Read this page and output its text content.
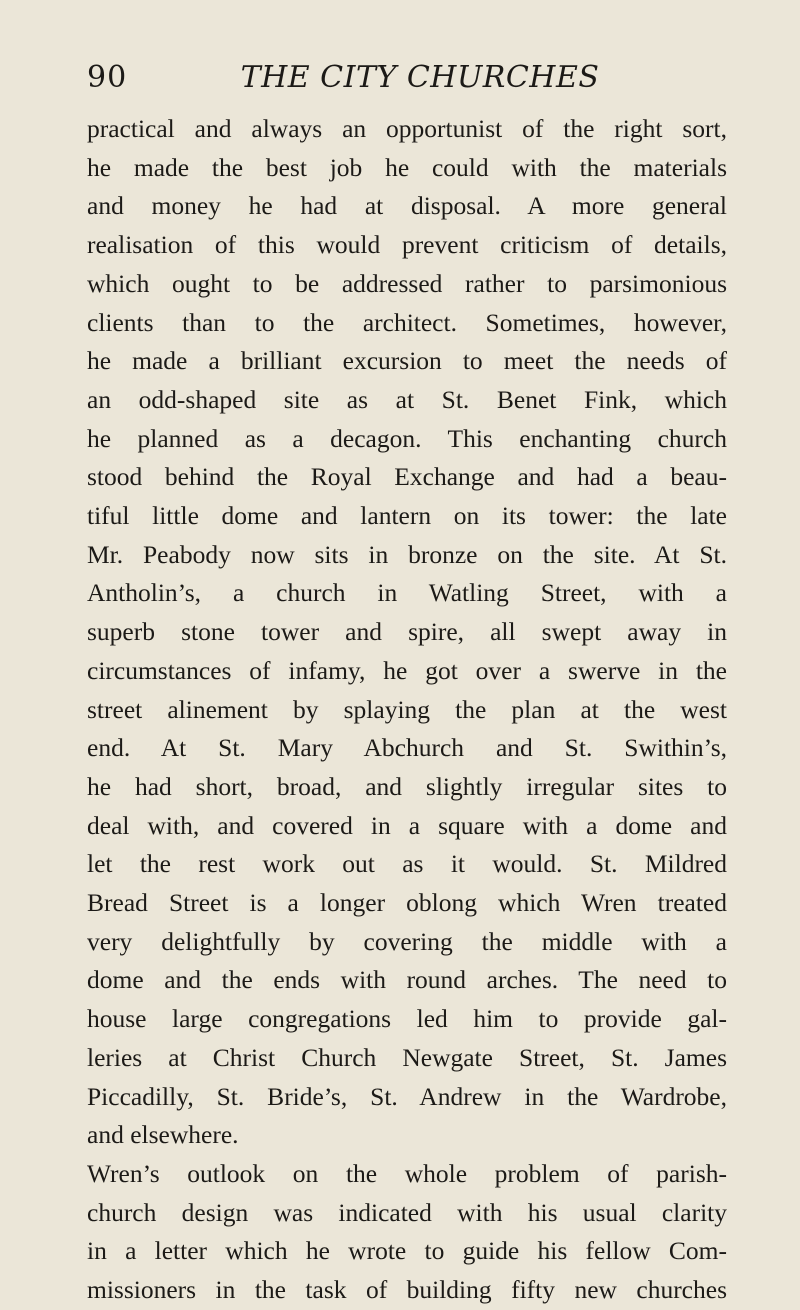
90	THE CITY CHURCHES
practical and always an opportunist of the right sort,
he made the best job he could with the materials
and money he had at disposal. A more general
realisation of this would prevent criticism of details,
which ought to be addressed rather to parsimonious
clients than to the architect. Sometimes, however,
he made a brilliant excursion to meet the needs of
an odd-shaped site as at St. Benet Fink, which
he planned as a decagon. This enchanting church
stood behind the Royal Exchange and had a beau-
tiful little dome and lantern on its tower: the late
Mr. Peabody now sits in bronze on the site. At St.
Antholin’s, a church in Watling Street, with a
superb stone tower and spire, all swept away in
circumstances of infamy, he got over a swerve in the
street alinement by splaying the plan at the west
end. At St. Mary Abchurch and St. Swithin’s,
he had short, broad, and slightly irregular sites to
deal with, and covered in a square with a dome and
let the rest work out as it would. St. Mildred
Bread Street is a longer oblong which Wren treated
very delightfully by covering the middle with a
dome and the ends with round arches. The need to
house large congregations led him to provide gal-
leries at Christ Church Newgate Street, St. James
Piccadilly, St. Bride’s, St. Andrew in the Wardrobe,
and elsewhere.
Wren’s outlook on the whole problem of parish-
church design was indicated with his usual clarity
in a letter which he wrote to guide his fellow Com-
missioners in the task of building fifty new churches
